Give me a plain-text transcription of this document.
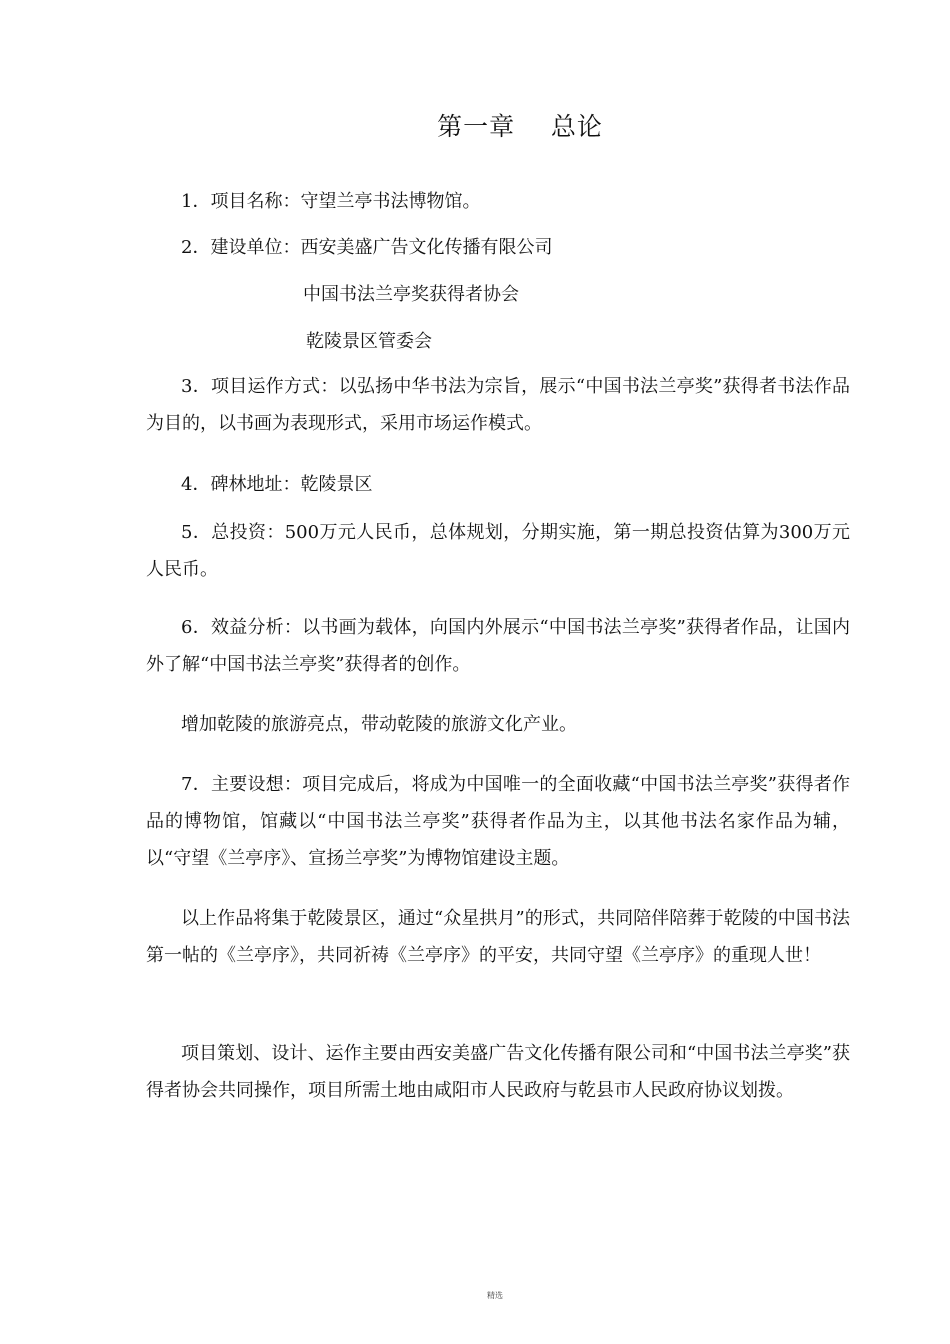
第一章    总论
1．项目名称：守望兰亭书法博物馆。
2．建设单位：西安美盛广告文化传播有限公司
中国书法兰亭奖获得者协会
乾陵景区管委会
3．项目运作方式：以弘扬中华书法为宗旨，展示“中国书法兰亭奖”获得者书法作品为目的，以书画为表现形式，采用市场运作模式。
4．碑林地址：乾陵景区
5．总投资：500万元人民币，总体规划，分期实施，第一期总投资估算为300万元人民币。
6．效益分析：以书画为载体，向国内外展示“中国书法兰亭奖”获得者作品，让国内外了解“中国书法兰亭奖”获得者的创作。
增加乾陵的旅游亮点，带动乾陵的旅游文化产业。
7．主要设想：项目完成后，将成为中国唯一的全面收藏“中国书法兰亭奖”获得者作品的博物馆，馆藏以“中国书法兰亭奖”获得者作品为主，以其他书法名家作品为辅，以“守望《兰亭序》、宣扬兰亭奖”为博物馆建设主题。
以上作品将集于乾陵景区，通过“众星拱月”的形式，共同陪伴陪葬于乾陵的中国书法第一帖的《兰亭序》，共同祈祷《兰亭序》的平安，共同守望《兰亭序》的重现人世！
项目策划、设计、运作主要由西安美盛广告文化传播有限公司和“中国书法兰亭奖”获得者协会共同操作，项目所需土地由咸阳市人民政府与乾县市人民政府协议划拨。
精选
